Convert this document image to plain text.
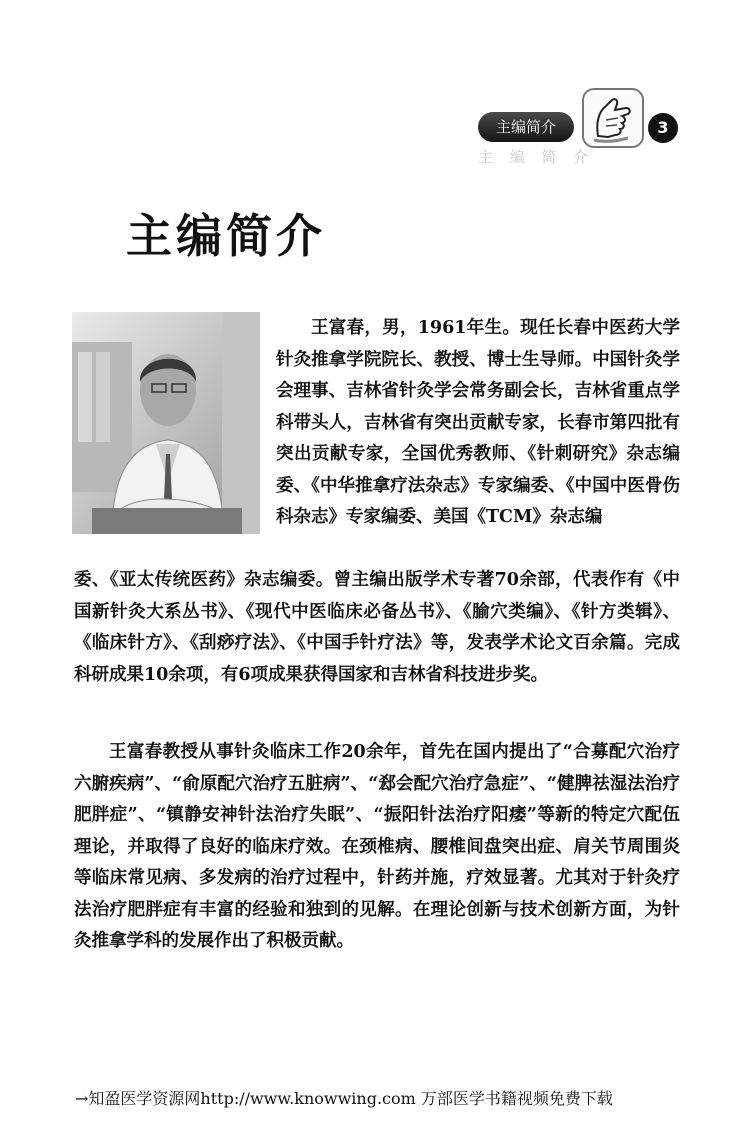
主 编 简 介
主编简介	3
主编简介

王富春，男，1961年生。现任长春中医药大学针灸推拿学院院长、教授、博士生导师。中国针灸学会理事、吉林省针灸学会常务副会长，吉林省重点学科带头人，吉林省有突出贡献专家，长春市第四批有突出贡献专家，全国优秀教师、《针刺研究》杂志编委、《中华推拿疗法杂志》专家编委、《中国中医骨伤科杂志》专家编委、美国《TCM》杂志编

委、《亚太传统医药》杂志编委。曾主编出版学术专著70余部，代表作有《中国新针灸大系丛书》、《现代中医临床必备丛书》、《腧穴类编》、《针方类辑》、《临床针方》、《刮痧疗法》、《中国手针疗法》等，发表学术论文百余篇。完成科研成果10余项，有6项成果获得国家和吉林省科技进步奖。

王富春教授从事针灸临床工作20余年，首先在国内提出了“合募配穴治疗六腑疾病”、“俞原配穴治疗五脏病”、“郄会配穴治疗急症”、“健脾祛湿法治疗肥胖症”、“镇静安神针法治疗失眠”、“振阳针法治疗阳痿”等新的特定穴配伍理论，并取得了良好的临床疗效。在颈椎病、腰椎间盘突出症、肩关节周围炎等临床常见病、多发病的治疗过程中，针药并施，疗效显著。尤其对于针灸疗法治疗肥胖症有丰富的经验和独到的见解。在理论创新与技术创新方面，为针灸推拿学科的发展作出了积极贡献。

→知盈医学资源网http://www.knowwing.com 万部医学书籍视频免费下载
